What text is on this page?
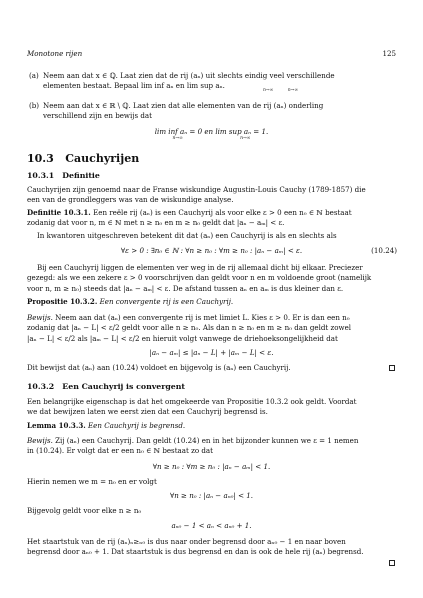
Monotone rijen	125
(a) Neem aan dat x ∈ ℚ. Laat zien dat de rij (aₙ) uit slechts eindig veel verschillende
elementen bestaat. Bepaal lim inf aₙ en lim sup aₙ.
n→∞          n→∞
(b) Neem aan dat x ∈ ℝ \ ℚ. Laat zien dat alle elementen van de rij (aₙ) onderling
verschillend zijn en bewijs dat
lim inf aₙ = 0 en lim sup aₙ = 1.
n→∞                                        n→∞
10.3 Cauchyrijen
10.3.1 Definitie
Cauchyrijen zijn genoemd naar de Franse wiskundige Augustin-Louis Cauchy (1789-1857) die
een van de grondleggers was van de wiskundige analyse.
Definitie 10.3.1. Een reële rij (aₙ) is een Cauchyrij als voor elke ε > 0 een n₀ ∈ ℕ bestaat
zodanig dat voor n, m ∈ ℕ met n ≥ n₀ en m ≥ n₀ geldt dat |aₙ − aₘ| < ε.
In kwantoren uitgeschreven betekent dit dat (aₙ) een Cauchyrij is als en slechts als
∀ε > 0 : ∃n₀ ∈ ℕ : ∀n ≥ n₀ : ∀m ≥ n₀ : |aₙ − aₘ| < ε.	(10.24)
Bij een Cauchyrij liggen de elementen ver weg in de rij allemaal dicht bij elkaar. Preciezer
gezegd: als we een zekere ε > 0 voorschrijven dan geldt voor n en m voldoende groot (namelijk
voor n, m ≥ n₀) steeds dat |aₙ − aₘ| < ε. De afstand tussen aₙ en aₘ is dus kleiner dan ε.
Propositie 10.3.2. Een convergente rij is een Cauchyrij.
Bewijs. Neem aan dat (aₙ) een convergente rij is met limiet L. Kies ε > 0. Er is dan een n₀
zodanig dat |aₙ − L| < ε/2 geldt voor alle n ≥ n₀. Als dan n ≥ n₀ en m ≥ n₀ dan geldt zowel
|aₙ − L| < ε/2 als |aₘ − L| < ε/2 en hieruit volgt vanwege de driehoeksongelijkheid dat
|aₙ − aₘ| ≤ |aₙ − L| + |aₘ − L| < ε.
Dit bewijst dat (aₙ) aan (10.24) voldoet en bijgevolg is (aₙ) een Cauchyrij.
10.3.2 Een Cauchyrij is convergent
Een belangrijke eigenschap is dat het omgekeerde van Propositie 10.3.2 ook geldt. Voordat
we dat bewijzen laten we eerst zien dat een Cauchyrij begrensd is.
Lemma 10.3.3. Een Cauchyrij is begrensd.
Bewijs. Zij (aₙ) een Cauchyrij. Dan geldt (10.24) en in het bijzonder kunnen we ε = 1 nemen
in (10.24). Er volgt dat er een n₀ ∈ ℕ bestaat zo dat
∀n ≥ n₀ : ∀m ≥ n₀ : |aₙ − aₘ| < 1.
Hierin nemen we m = n₀ en er volgt
∀n ≥ n₀ : |aₙ − aₙ₀| < 1.
Bijgevolg geldt voor elke n ≥ n₀
aₙ₀ − 1 < aₙ < aₙ₀ + 1.
Het staartstuk van de rij (aₙ)ₙ≥ₙ₀ is dus naar onder begrensd door aₙ₀ − 1 en naar boven
begrensd door aₙ₀ + 1. Dat staartstuk is dus begrensd en dan is ook de hele rij (aₙ) begrensd.
